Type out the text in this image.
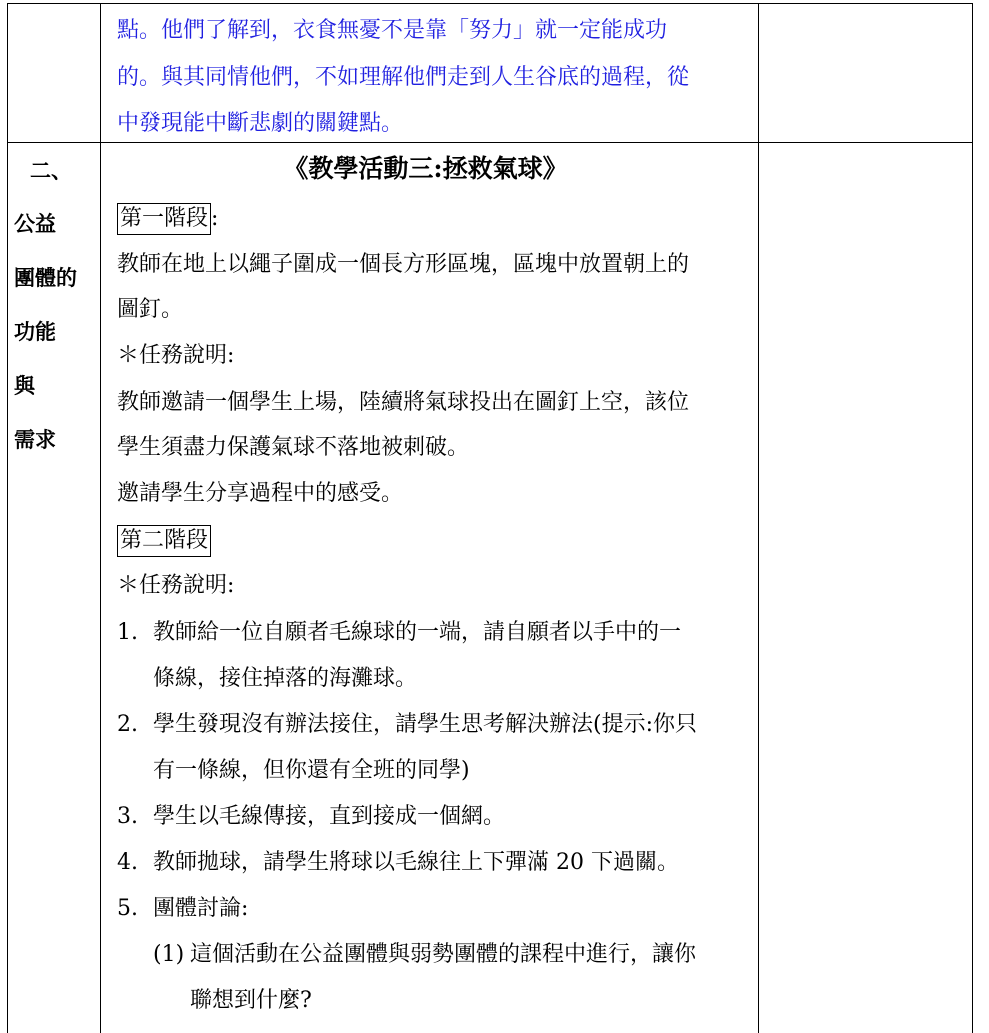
點。他們了解到，衣食無憂不是靠「努力」就一定能成功
的。與其同情他們，不如理解他們走到人生谷底的過程，從
中發現能中斷悲劇的關鍵點。
二、
公益
團體的
功能
與
需求
《教學活動三:拯救氣球》
第一階段 :
教師在地上以繩子圍成一個長方形區塊，區塊中放置朝上的
圖釘。
＊任務說明:
教師邀請一個學生上場，陸續將氣球投出在圖釘上空，該位
學生須盡力保護氣球不落地被刺破。
邀請學生分享過程中的感受。
第二階段
＊任務說明:
1. 教師給一位自願者毛線球的一端，請自願者以手中的一
條線，接住掉落的海灘球。
2. 學生發現沒有辦法接住，請學生思考解決辦法(提示:你只
有一條線，但你還有全班的同學)
3. 學生以毛線傳接，直到接成一個網。
4. 教師拋球，請學生將球以毛線往上下彈滿 20 下過關。
5. 團體討論:
(1) 這個活動在公益團體與弱勢團體的課程中進行，讓你
聯想到什麼?
